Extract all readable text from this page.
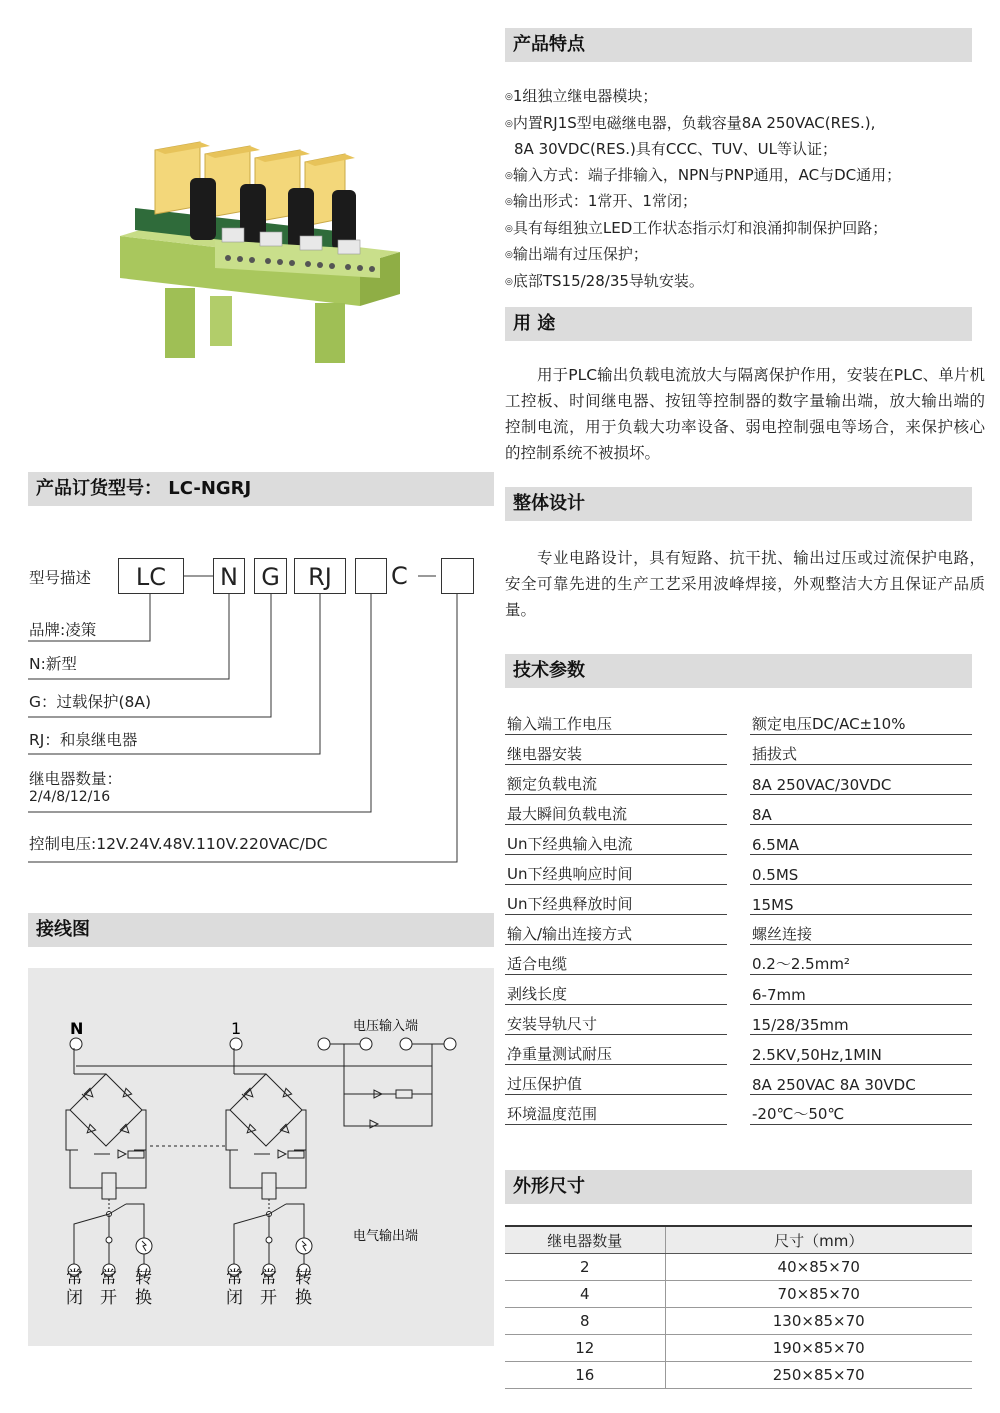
产品特点
◎1组独立继电器模块；
◎内置RJ1S型电磁继电器，负载容量8A 250VAC(RES.),
8A 30VDC(RES.)具有CCC、TUV、UL等认证；
◎输入方式：端子排输入，NPN与PNP通用，AC与DC通用；
◎输出形式：1常开、1常闭；
◎具有每组独立LED工作状态指示灯和浪涌抑制保护回路；
◎输出端有过压保护；
◎底部TS15/28/35导轨安装。
用 途
用于PLC输出负载电流放大与隔离保护作用，安装在PLC、单片机工控板、时间继电器、按钮等控制器的数字量输出端，放大输出端的控制电流，用于负载大功率设备、弱电控制强电等场合，来保护核心的控制系统不被损坏。
整体设计
专业电路设计，具有短路、抗干扰、输出过压或过流保护电路，安全可靠先进的生产工艺采用波峰焊接，外观整洁大方且保证产品质量。
技术参数
输入端工作电压		额定电压DC/AC±10%
继电器安装		插拔式
额定负载电流		8A 250VAC/30VDC
最大瞬间负载电流		8A
Un下经典输入电流		6.5MA
Un下经典响应时间		0.5MS
Un下经典释放时间		15MS
输入/输出连接方式		螺丝连接
适合电缆		0.2～2.5mm²
剥线长度		6-7mm
安装导轨尺寸		15/28/35mm
净重量测试耐压		2.5KV,50Hz,1MIN
过压保护值		8A 250VAC 8A 30VDC
环境温度范围		-20℃～50℃
外形尺寸
继电器数量	尺寸（mm）
2	40×85×70
4	70×85×70
8	130×85×70
12	190×85×70
16	250×85×70
产品订货型号： LC-NGRJ
型号描述	LC	N G	RJ	C
品牌:凌策
N:新型
G：过载保护(8A)
RJ：和泉继电器
继电器数量：
2/4/8/12/16
控制电压:12V.24V.48V.110V.220VAC/DC
接线图
N	1	电压输入端
电气输出端
常
闭
常
开
转
换
常
闭
常
开
转
换
